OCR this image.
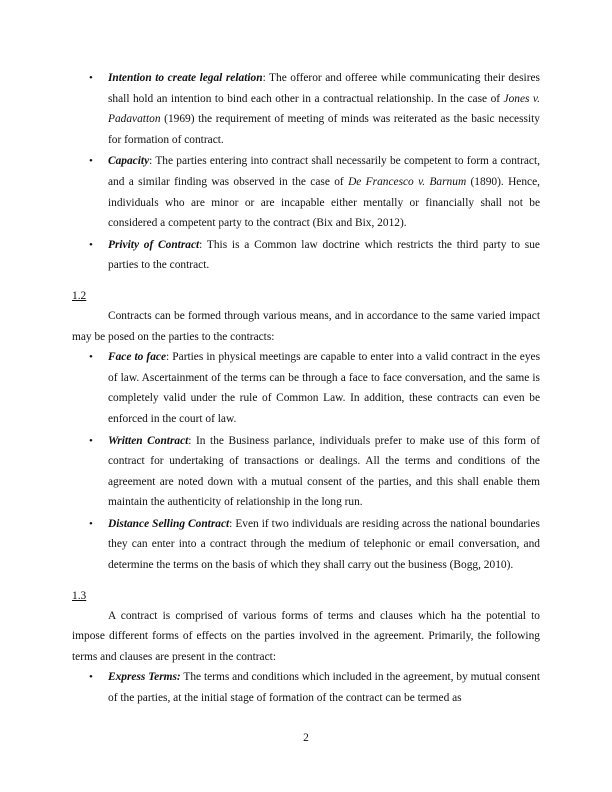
• Intention to create legal relation: The offeror and offeree while communicating their desires shall hold an intention to bind each other in a contractual relationship. In the case of Jones v. Padavatton (1969) the requirement of meeting of minds was reiterated as the basic necessity for formation of contract.
• Capacity: The parties entering into contract shall necessarily be competent to form a contract, and a similar finding was observed in the case of De Francesco v. Barnum (1890). Hence, individuals who are minor or are incapable either mentally or financially shall not be considered a competent party to the contract (Bix and Bix, 2012).
• Privity of Contract: This is a Common law doctrine which restricts the third party to sue parties to the contract.
1.2

Contracts can be formed through various means, and in accordance to the same varied impact may be posed on the parties to the contracts:

• Face to face: Parties in physical meetings are capable to enter into a valid contract in the eyes of law. Ascertainment of the terms can be through a face to face conversation, and the same is completely valid under the rule of Common Law. In addition, these contracts can even be enforced in the court of law.
• Written Contract: In the Business parlance, individuals prefer to make use of this form of contract for undertaking of transactions or dealings. All the terms and conditions of the agreement are noted down with a mutual consent of the parties, and this shall enable them maintain the authenticity of relationship in the long run.
• Distance Selling Contract: Even if two individuals are residing across the national boundaries they can enter into a contract through the medium of telephonic or email conversation, and determine the terms on the basis of which they shall carry out the business (Bogg, 2010).
1.3

A contract is comprised of various forms of terms and clauses which ha the potential to impose different forms of effects on the parties involved in the agreement. Primarily, the following terms and clauses are present in the contract:

• Express Terms: The terms and conditions which included in the agreement, by mutual consent of the parties, at the initial stage of formation of the contract can be termed as
2
